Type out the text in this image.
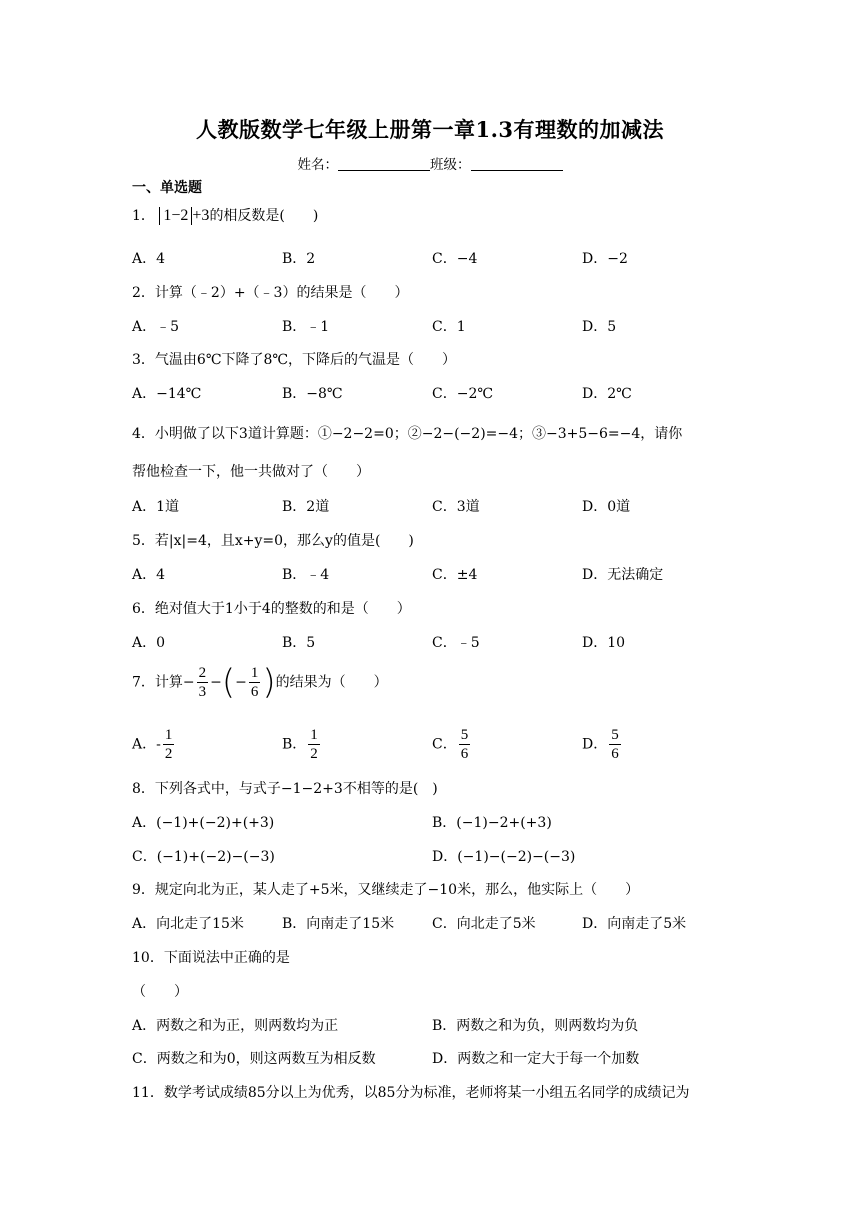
人教版数学七年级上册第一章1.3有理数的加减法
姓名：	班级：
一、单选题
1． 1−2 +3的相反数是(　　)
A．4	B．2	C．−4	D．−2
2．计算（﹣2）+（﹣3）的结果是（　　）
A．﹣5	B．﹣1	C．1	D．5
3．气温由6℃下降了8℃，下降后的气温是（　　）
A．−14℃	B．−8℃	C．−2℃	D．2℃
4．小明做了以下3道计算题：①−2−2=0；②−2−(−2)=−4；③−3+5−6=−4，请你
帮他检查一下，他一共做对了（　　）
A．1道	B．2道	C．3道	D．0道
5．若|x|=4，且x+y=0，那么y的值是(　　)
A．4	B．﹣4	C．±4	D．无法确定
6．绝对值大于1小于4的整数的和是（　　）
A．0	B．5	C．﹣5	D．10
7．计算− $\frac{2}{3}$ −(− $\frac{1}{6}$ )的结果为（　　）
A．- $\frac{1}{2}$	B． $\frac{1}{2}$	C． $\frac{5}{6}$	D． $\frac{5}{6}$
8．下列各式中，与式子−1−2+3不相等的是(　)
A．(−1)+(−2)+(+3)	B．(−1)−2+(+3)
C．(−1)+(−2)−(−3)	D．(−1)−(−2)−(−3)
9．规定向北为正，某人走了+5米，又继续走了−10米，那么，他实际上（　　）
A．向北走了15米	B．向南走了15米	C．向北走了5米	D．向南走了5米
10．下面说法中正确的是
（　　）
A．两数之和为正，则两数均为正	B．两数之和为负，则两数均为负
C．两数之和为0，则这两数互为相反数	D．两数之和一定大于每一个加数
11．数学考试成绩85分以上为优秀，以85分为标准，老师将某一小组五名同学的成绩记为
